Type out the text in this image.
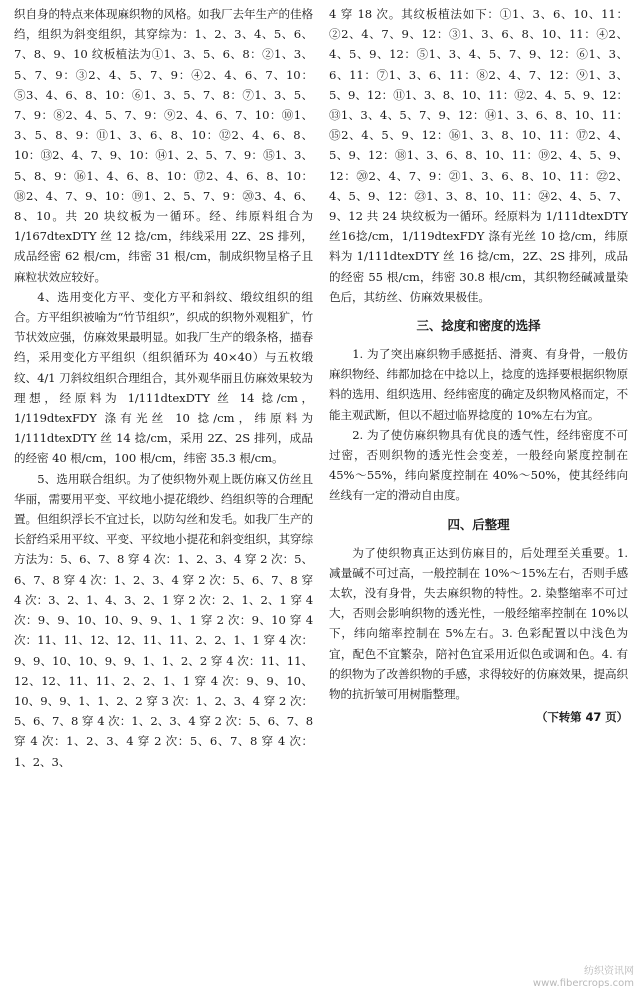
织自身的特点来体现麻织物的风格。如我厂去年生产的佳格绉，组织为斜变组织，其穿综为：1、2、3、4、5、6、7、8、9、10 纹板植法为①1、3、5、6、8：②1、3、5、7、9：③2、4、5、7、9：④2、4、6、7、10：⑤3、4、6、8、10：⑥1、3、5、7、8：⑦1、3、5、7、9：⑧2、4、5、7、9：⑨2、4、6、7、10：⑩1、3、5、8、9：⑪1、3、6、8、10：⑫2、4、6、8、10：⑬2、4、7、9、10：⑭1、2、5、7、9：⑮1、3、5、8、9：⑯1、4、6、8、10：⑰2、4、6、8、10：⑱2、4、7、9、10：⑲1、2、5、7、9：⑳3、4、6、8、10。共 20 块纹板为一循环。经、纬原料组合为 1/167dtexDTY 丝 12 捻/cm，纬线采用 2Z、2S 排列，成品经密 62 根/cm，纬密 31 根/cm，制成织物呈格子且麻粒状效应较好。

4、选用变化方平、变化方平和斜纹、缎纹组织的组合。方平组织被喻为“竹节组织”，织成的织物外观粗犷，竹节状效应强，仿麻效果最明显。如我厂生产的缎条格，描春绉，采用变化方平组织（组织循环为 40×40）与五枚缎纹、4/1 刀斜纹组织合理组合，其外观华丽且仿麻效果较为理想，经原料为 1/111dtexDTY 丝 14 捻/cm，1/119dtexFDY 涤有光丝 10 捻/cm，纬原料为 1/111dtexDTY 丝 14 捻/cm，采用 2Z、2S 排列，成品的经密 40 根/cm，100 根/cm，纬密 35.3 根/cm。

5、选用联合组织。为了使织物外观上既仿麻又仿丝且华丽，需要用平变、平纹地小提花缎纱、绉组织等的合理配置。但组织浮长不宜过长，以防勾丝和发毛。如我厂生产的长舒绉采用平纹、平变、平纹地小提花和斜变组织，其穿综方法为：5、6、7、8 穿 4 次：1、2、3、4 穿 2 次：5、6、7、8 穿 4 次：1、2、3、4 穿 2 次：5、6、7、8 穿 4 次：3、2、1、4、3、2、1 穿 2 次：2、1、2、1 穿 4 次：9、9、10、10、9、9、1、1 穿 2 次：9、10 穿 4 次：11、11、12、12、11、11、2、2、1、1 穿 4 次：9、9、10、10、9、9、1、1、2、2 穿 4 次：11、11、12、12、11、11、2、2、1、1 穿 4 次：9、9、10、10、9、9、1、1、2、2 穿 3 次：1、2、3、4 穿 2 次：5、6、7、8 穿 4 次：1、2、3、4 穿 2 次：5、6、7、8 穿 4 次：1、2、3、4 穿 2 次：5、6、7、8 穿 4 次：1、2、3、

4 穿 18 次。其纹板植法如下：①1、3、6、10、11：②2、4、7、9、12：③1、3、6、8、10、11：④2、4、5、9、12：⑤1、3、4、5、7、9、12：⑥1、3、6、11：⑦1、3、6、11：⑧2、4、7、12：⑨1、3、5、9、12：⑪1、3、8、10、11：⑫2、4、5、9、12：⑬1、3、4、5、7、9、12：⑭1、3、6、8、10、11：⑮2、4、5、9、12：⑯1、3、8、10、11：⑰2、4、5、9、12：⑱1、3、6、8、10、11：⑲2、4、5、9、12：⑳2、4、7、9：㉑1、3、6、8、10、11：㉒2、4、5、9、12：㉓1、3、8、10、11：㉔2、4、5、7、9、12 共 24 块纹板为一循环。经原料为 1/111dtexDTY 丝16捻/cm，1/119dtexFDY 涤有光丝 10 捻/cm，纬原料为 1/111dtexDTY 丝 16 捻/cm，2Z、2S 排列，成品的经密 55 根/cm，纬密 30.8 根/cm，其织物经碱减量染色后，其纺丝、仿麻效果极佳。

三、捻度和密度的选择

1. 为了突出麻织物手感挺括、滑爽、有身骨，一般仿麻织物经、纬都加捻在中捻以上，捻度的选择要根据织物原料的选用、组织选用、经纬密度的确定及织物风格而定，不能主观武断，但以不超过临界捻度的 10%左右为宜。

2. 为了使仿麻织物具有优良的透气性，经纬密度不可过密，否则织物的透光性会变差，一般经向紧度控制在 45%～55%，纬向紧度控制在 40%～50%，使其经纬向丝线有一定的滑动自由度。

四、后整理

为了使织物真正达到仿麻目的，后处理至关重要。1. 减量碱不可过高，一般控制在 10%～15%左右，否则手感太软，没有身骨，失去麻织物的特性。2. 染整缩率不可过大，否则会影响织物的透光性，一般经缩率控制在 10%以下，纬向缩率控制在 5%左右。3. 色彩配置以中浅色为宜，配色不宜繁杂，陪衬色宜采用近似色或调和色。4. 有的织物为了改善织物的手感，求得较好的仿麻效果，提高织物的抗折皱可用树脂整理。

（下转第 47 页）
纺织资讯网
www.fibercrops.com
